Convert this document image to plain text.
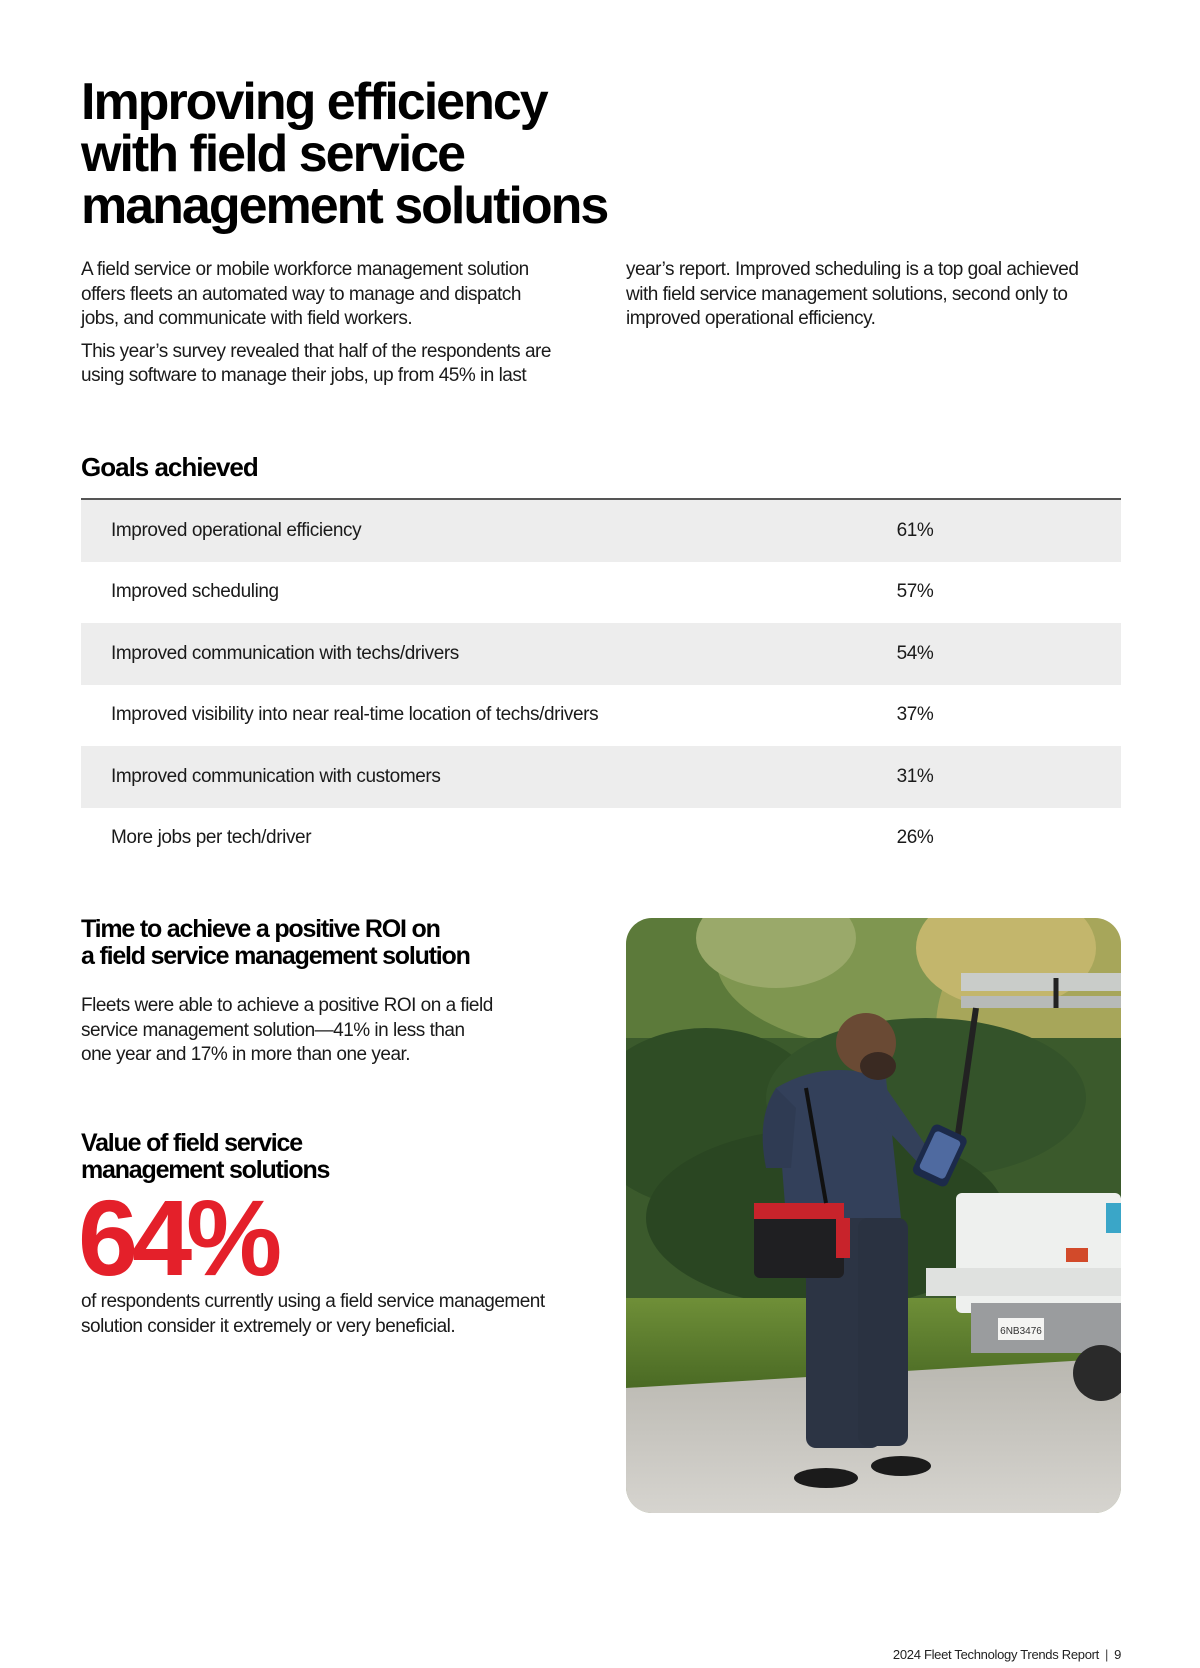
Improving efficiency
with field service
management solutions

A field service or mobile workforce management solution
offers fleets an automated way to manage and dispatch
jobs, and communicate with field workers.

This year’s survey revealed that half of the respondents are
using software to manage their jobs, up from 45% in last

year’s report. Improved scheduling is a top goal achieved
with field service management solutions, second only to
improved operational efficiency.

Goals achieved
Improved operational efficiency	61%
Improved scheduling	57%
Improved communication with techs/drivers	54%
Improved visibility into near real-time location of techs/drivers	37%
Improved communication with customers	31%
More jobs per tech/driver	26%
Time to achieve a positive ROI on
a field service management solution

Fleets were able to achieve a positive ROI on a field
service management solution—41% in less than
one year and 17% in more than one year.

Value of field service
management solutions
64%

of respondents currently using a field service management
solution consider it extremely or very beneficial.	6NB3476
2024 Fleet Technology Trends Report | 9
